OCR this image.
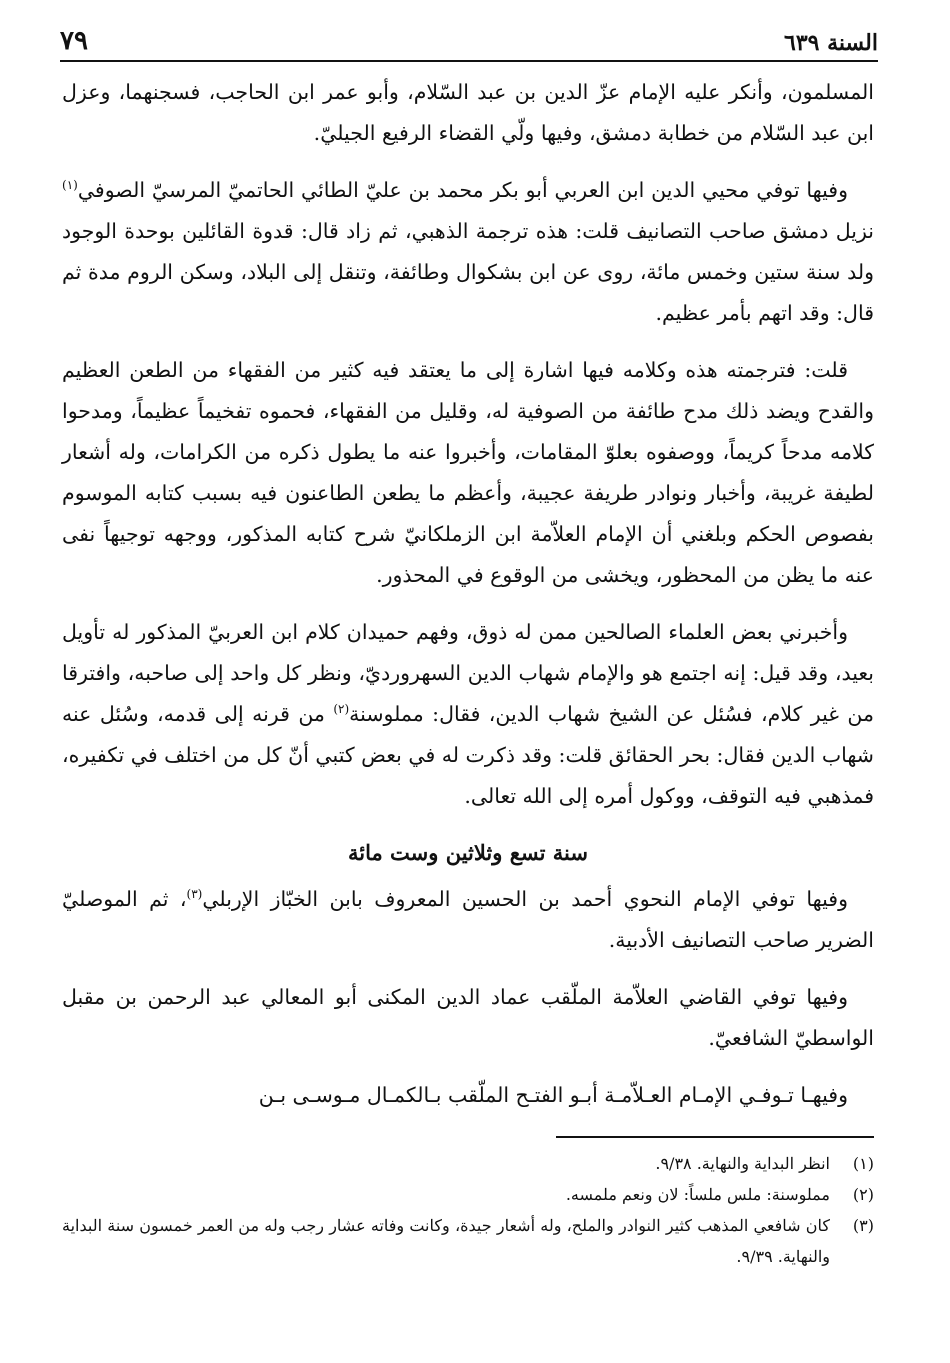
٧٩	السنة ٦٣٩

المسلمون، وأنكر عليه الإمام عزّ الدين بن عبد السّلام، وأبو عمر ابن الحاجب، فسجنهما، وعزل ابن عبد السّلام من خطابة دمشق، وفيها ولّي القضاء الرفيع الجيليّ.

وفيها توفي محيي الدين ابن العربي أبو بكر محمد بن عليّ الطائي الحاتميّ المرسيّ الصوفي$^{(١)}$ نزيل دمشق صاحب التصانيف قلت: هذه ترجمة الذهبي، ثم زاد قال: قدوة القائلين بوحدة الوجود ولد سنة ستين وخمس مائة، روى عن ابن بشكوال وطائفة، وتنقل إلى البلاد، وسكن الروم مدة ثم قال: وقد اتهم بأمر عظيم.

قلت: فترجمته هذه وكلامه فيها اشارة إلى ما يعتقد فيه كثير من الفقهاء من الطعن العظيم والقدح ويضد ذلك مدح طائفة من الصوفية له، وقليل من الفقهاء، فحموه تفخيماً عظيماً، ومدحوا كلامه مدحاً كريماً، ووصفوه بعلوّ المقامات، وأخبروا عنه ما يطول ذكره من الكرامات، وله أشعار لطيفة غريبة، وأخبار ونوادر طريفة عجيبة، وأعظم ما يطعن الطاعنون فيه بسبب كتابه الموسوم بفصوص الحكم وبلغني أن الإمام العلاّمة ابن الزملكانيّ شرح كتابه المذكور، ووجهه توجيهاً نفى عنه ما يظن من المحظور، ويخشى من الوقوع في المحذور.

وأخبرني بعض العلماء الصالحين ممن له ذوق، وفهم حميدان كلام ابن العربيّ المذكور له تأويل بعيد، وقد قيل: إنه اجتمع هو والإمام شهاب الدين السهرورديّ، ونظر كل واحد إلى صاحبه، وافترقا من غير كلام، فسُئل عن الشيخ شهاب الدين، فقال: مملوسنة$^{(٢)}$ من قرنه إلى قدمه، وسُئل عنه شهاب الدين فقال: بحر الحقائق قلت: وقد ذكرت له في بعض كتبي أنّ كل من اختلف في تكفيره، فمذهبي فيه التوقف، ووكول أمره إلى الله تعالى.

سنة تسع وثلاثين وست مائة

وفيها توفي الإمام النحوي أحمد بن الحسين المعروف بابن الخبّاز الإربلي$^{(٣)}$، ثم الموصليّ الضرير صاحب التصانيف الأدبية.

وفيها توفي القاضي العلاّمة الملّقب عماد الدين المكنى أبو المعالي عبد الرحمن بن مقبل الواسطيّ الشافعيّ.

وفيهـا تـوفـي الإمـام العـلاّمـة أبـو الفتـح الملّقب بـالكمـال مـوسـى بـن

(١)
انظر البداية والنهاية. ٩/٣٨.
(٢)
مملوسنة: ملس ملساً: لان ونعم ملمسه.
(٣)
كان شافعي المذهب كثير النوادر والملح، وله أشعار جيدة، وكانت وفاته عشار رجب وله من العمر خمسون سنة البداية والنهاية. ٩/٣٩.
